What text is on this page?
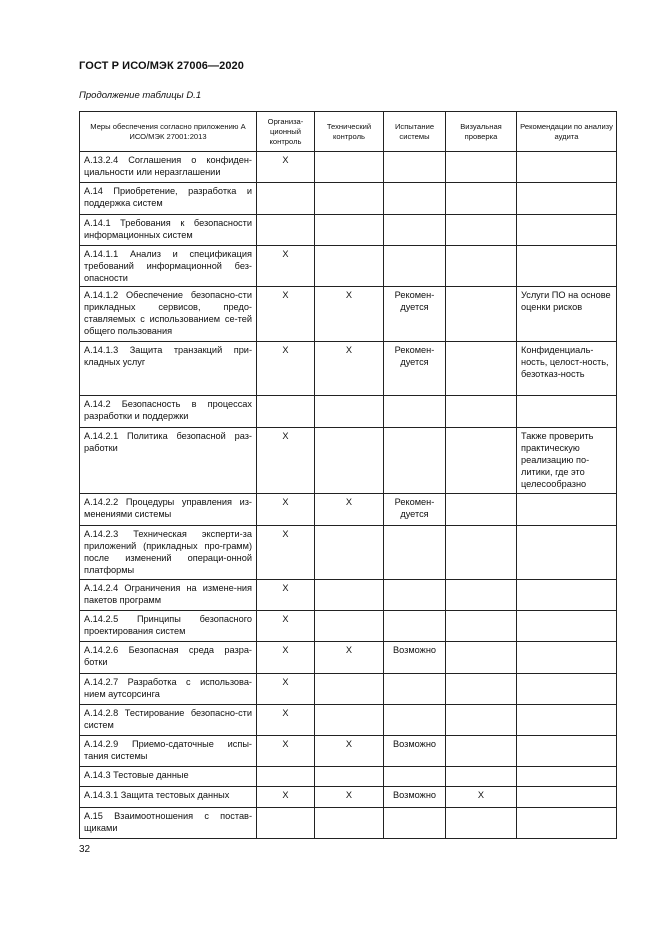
ГОСТ Р ИСО/МЭК 27006—2020
Продолжение таблицы D.1
Меры обеспечения согласно приложению А ИСО/МЭК 27001:2013	Организа-ционный контроль	Технический контроль	Испытание системы	Визуальная проверка	Рекомендации по анализу аудита
A.13.2.4 Соглашения о конфиден-циальности или неразглашении	X				
A.14 Приобретение, разработка и поддержка систем					
A.14.1 Требования к безопасности информационных систем					
A.14.1.1 Анализ и спецификация требований информационной без-опасности	X				
A.14.1.2 Обеспечение безопасно-сти прикладных сервисов, предо-ставляемых с использованием се-тей общего пользования	X	X	Рекомен-дуется		Услуги ПО на основе оценки рисков
A.14.1.3 Защита транзакций при-кладных услуг	X	X	Рекомен-дуется		Конфиденциаль-ность, целост-ность, безотказ-ность
A.14.2 Безопасность в процессах разработки и поддержки					
A.14.2.1 Политика безопасной раз-работки	X				Также проверить практическую реализацию по-литики, где это целесообразно
A.14.2.2 Процедуры управления из-менениями системы	X	X	Рекомен-дуется		
A.14.2.3 Техническая эксперти-за приложений (прикладных про-грамм) после изменений операци-онной платформы	X				
A.14.2.4 Ограничения на измене-ния пакетов программ	X				
A.14.2.5 Принципы безопасного проектирования систем	X				
A.14.2.6 Безопасная среда разра-ботки	X	X	Возможно		
A.14.2.7 Разработка с использова-нием аутсорсинга	X				
A.14.2.8 Тестирование безопасно-сти систем	X				
A.14.2.9 Приемо-сдаточные испы-тания системы	X	X	Возможно		
A.14.3 Тестовые данные					
A.14.3.1 Защита тестовых данных	X	X	Возможно	X	
A.15 Взаимоотношения с постав-щиками					
32
